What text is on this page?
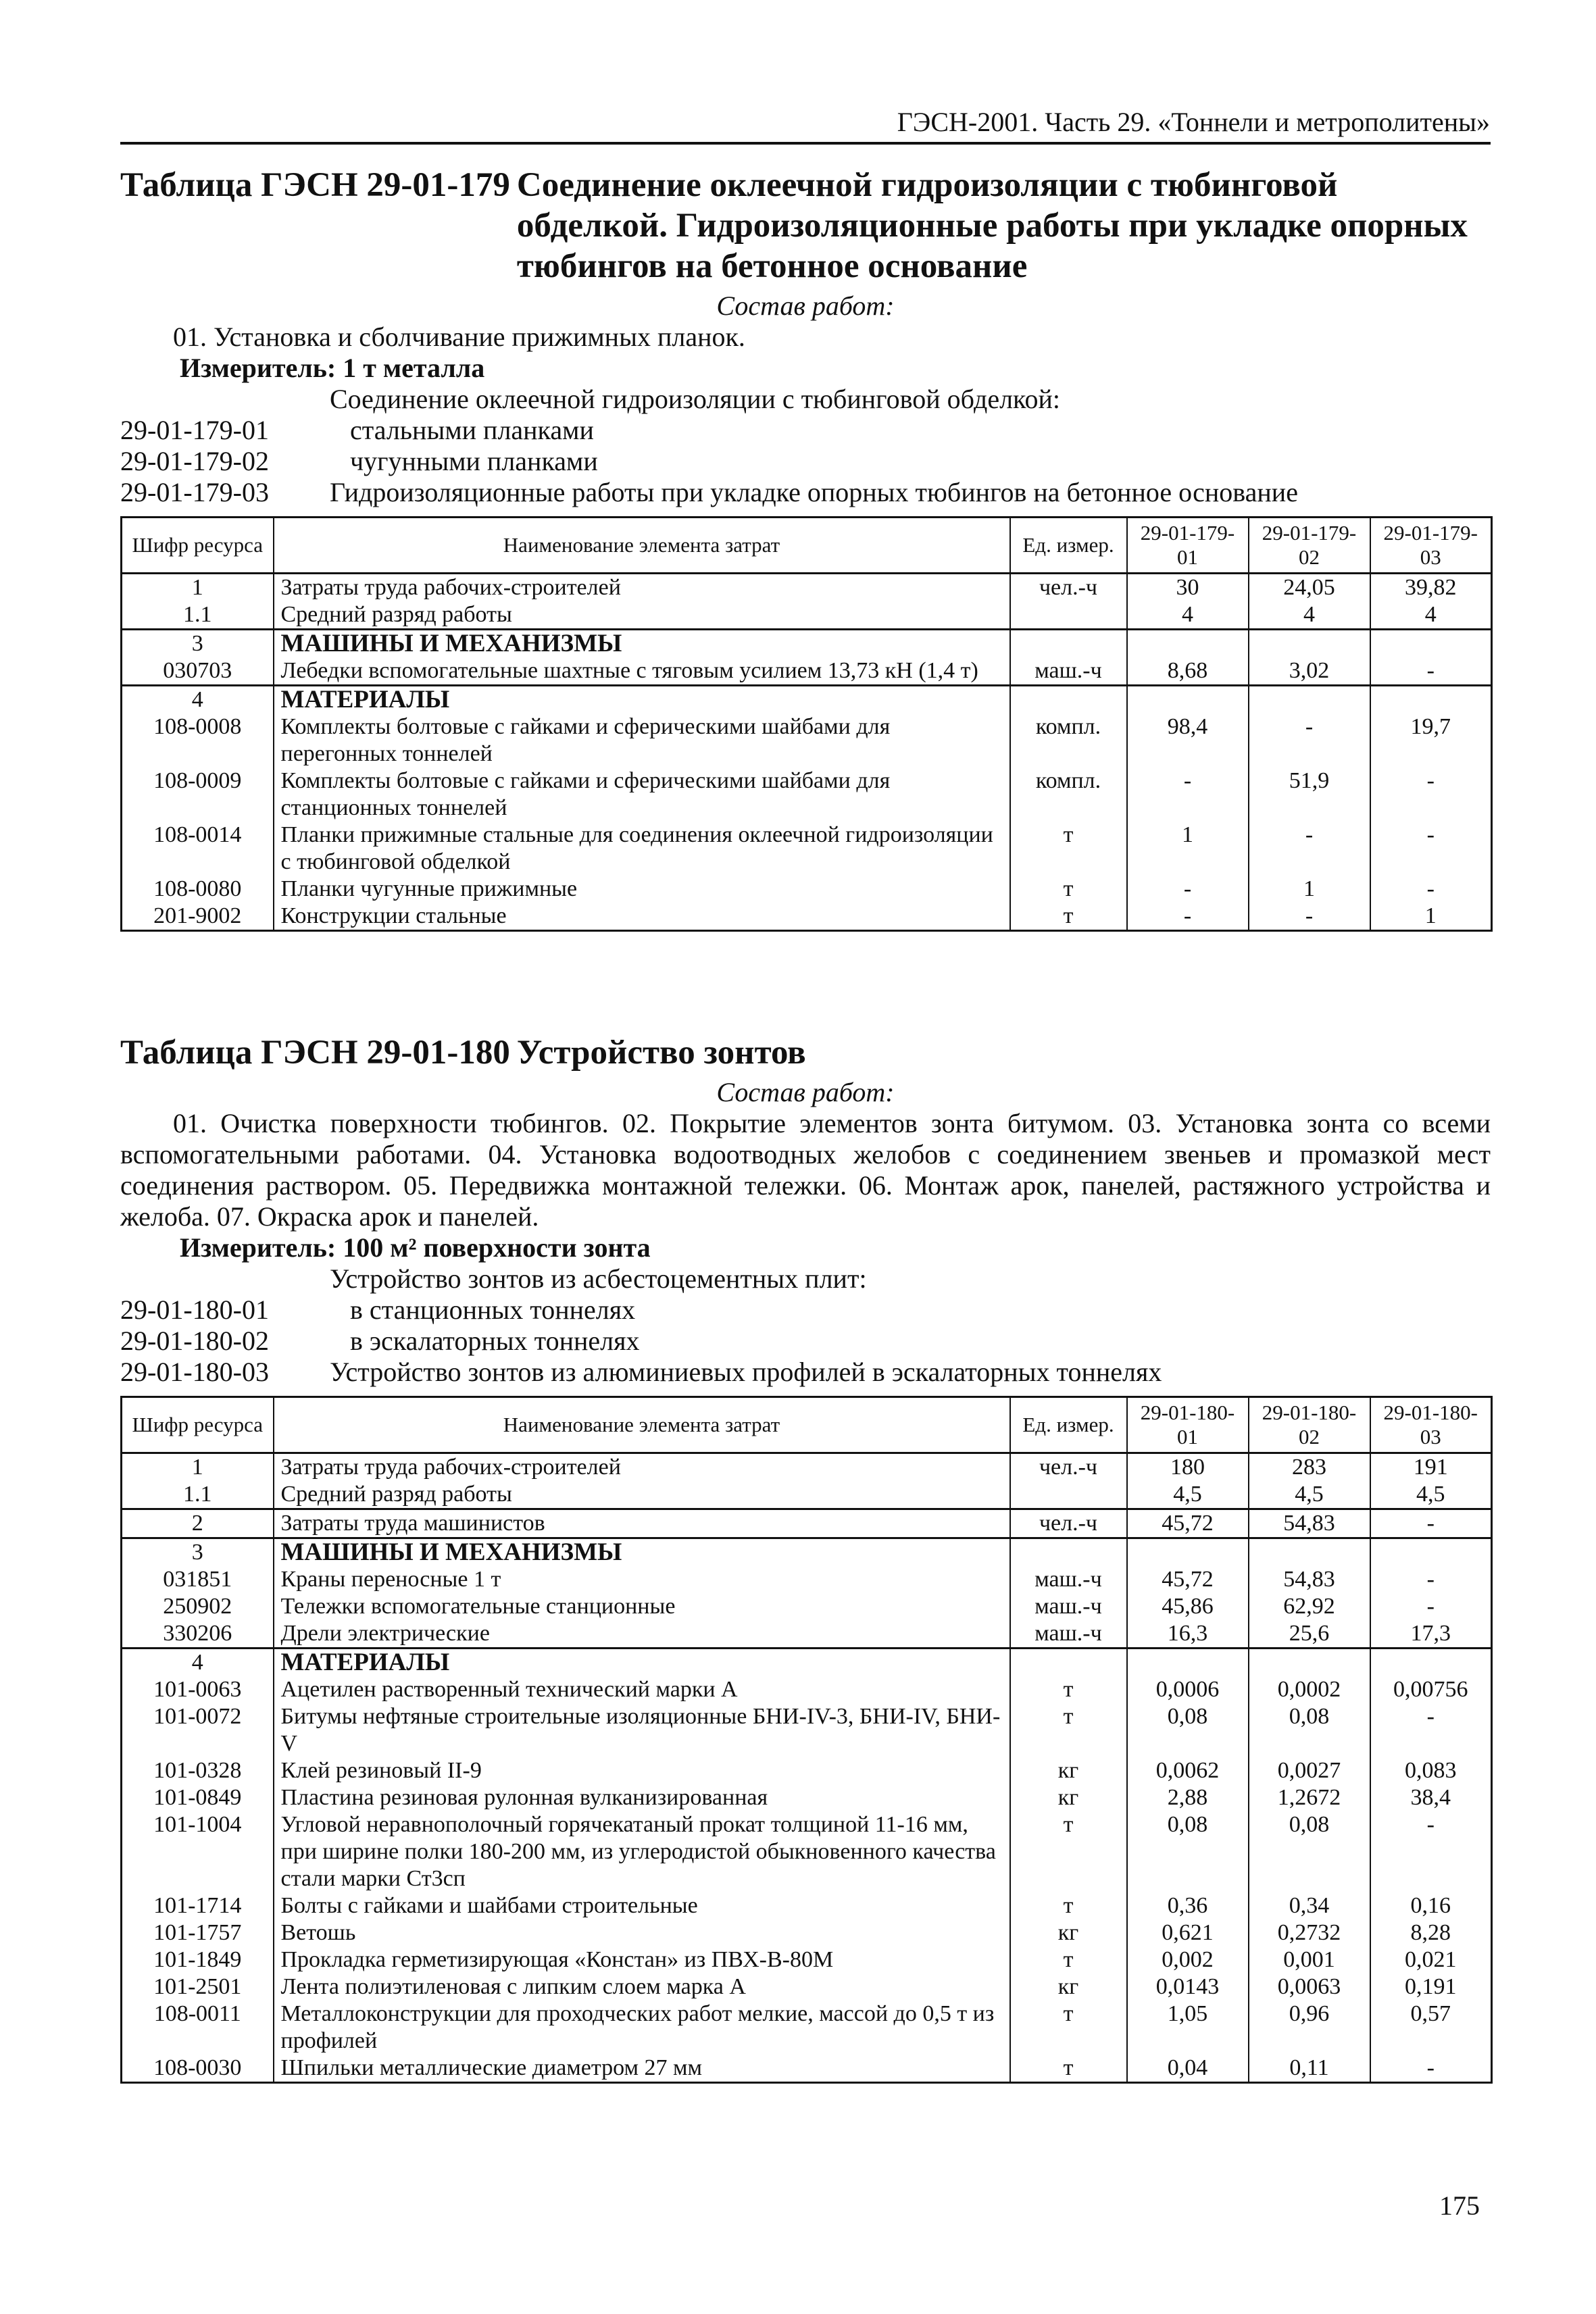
ГЭСН-2001. Часть 29. «Тоннели и метрополитены»
Таблица ГЭСН 29-01-179 Соединение оклеечной гидроизоляции с тюбинговой обделкой. Гидроизоляционные работы при укладке опорных тюбингов на бетонное основание
Состав работ:
01. Установка и сболчивание прижимных планок.
Измеритель: 1 т металла
Соединение оклеечной гидроизоляции с тюбинговой обделкой:
29-01-179-01	стальными планками
29-01-179-02	чугунными планками
29-01-179-03	Гидроизоляционные работы при укладке опорных тюбингов на бетонное основание
Шифр ресурса	Наименование элемента затрат	Ед. измер.	29-01-179-01	29-01-179-02	29-01-179-03
1	Затраты труда рабочих-строителей	чел.-ч	30	24,05	39,82
1.1	Средний разряд работы		4	4	4
3	МАШИНЫ И МЕХАНИЗМЫ				
030703	Лебедки вспомогательные шахтные с тяговым усилием 13,73 кН (1,4 т)	маш.-ч	8,68	3,02	-
4	МАТЕРИАЛЫ				
108-0008	Комплекты болтовые с гайками и сферическими шайбами для перегонных тоннелей	компл.	98,4	-	19,7
108-0009	Комплекты болтовые с гайками и сферическими шайбами для станционных тоннелей	компл.	-	51,9	-
108-0014	Планки прижимные стальные для соединения оклеечной гидроизоляции с тюбинговой обделкой	т	1	-	-
108-0080	Планки чугунные прижимные	т	-	1	-
201-9002	Конструкции стальные	т	-	-	1
Таблица ГЭСН 29-01-180 Устройство зонтов
Состав работ:
01. Очистка поверхности тюбингов. 02. Покрытие элементов зонта битумом. 03. Установка зонта со всеми вспомогательными работами. 04. Установка водоотводных желобов с соединением звеньев и промазкой мест соединения раствором. 05. Передвижка монтажной тележки. 06. Монтаж арок, панелей, растяжного устройства и желоба. 07. Окраска арок и панелей.
Измеритель: 100 м² поверхности зонта
Устройство зонтов из асбестоцементных плит:
29-01-180-01	в станционных тоннелях
29-01-180-02	в эскалаторных тоннелях
29-01-180-03	Устройство зонтов из алюминиевых профилей в эскалаторных тоннелях
Шифр ресурса	Наименование элемента затрат	Ед. измер.	29-01-180-01	29-01-180-02	29-01-180-03
1	Затраты труда рабочих-строителей	чел.-ч	180	283	191
1.1	Средний разряд работы		4,5	4,5	4,5
2	Затраты труда машинистов	чел.-ч	45,72	54,83	-
3	МАШИНЫ И МЕХАНИЗМЫ				
031851	Краны переносные 1 т	маш.-ч	45,72	54,83	-
250902	Тележки вспомогательные станционные	маш.-ч	45,86	62,92	-
330206	Дрели электрические	маш.-ч	16,3	25,6	17,3
4	МАТЕРИАЛЫ				
101-0063	Ацетилен растворенный технический марки А	т	0,0006	0,0002	0,00756
101-0072	Битумы нефтяные строительные изоляционные БНИ-IV-3, БНИ-IV, БНИ-V	т	0,08	0,08	-
101-0328	Клей резиновый II-9	кг	0,0062	0,0027	0,083
101-0849	Пластина резиновая рулонная вулканизированная	кг	2,88	1,2672	38,4
101-1004	Угловой неравнополочный горячекатаный прокат толщиной 11-16 мм, при ширине полки 180-200 мм, из углеродистой обыкновенного качества стали марки Ст3сп	т	0,08	0,08	-
101-1714	Болты с гайками и шайбами строительные	т	0,36	0,34	0,16
101-1757	Ветошь	кг	0,621	0,2732	8,28
101-1849	Прокладка герметизирующая «Констан» из ПВХ-В-80М	т	0,002	0,001	0,021
101-2501	Лента полиэтиленовая с липким слоем марка А	кг	0,0143	0,0063	0,191
108-0011	Металлоконструкции для проходческих работ мелкие, массой до 0,5 т из профилей	т	1,05	0,96	0,57
108-0030	Шпильки металлические диаметром 27 мм	т	0,04	0,11	-
175
